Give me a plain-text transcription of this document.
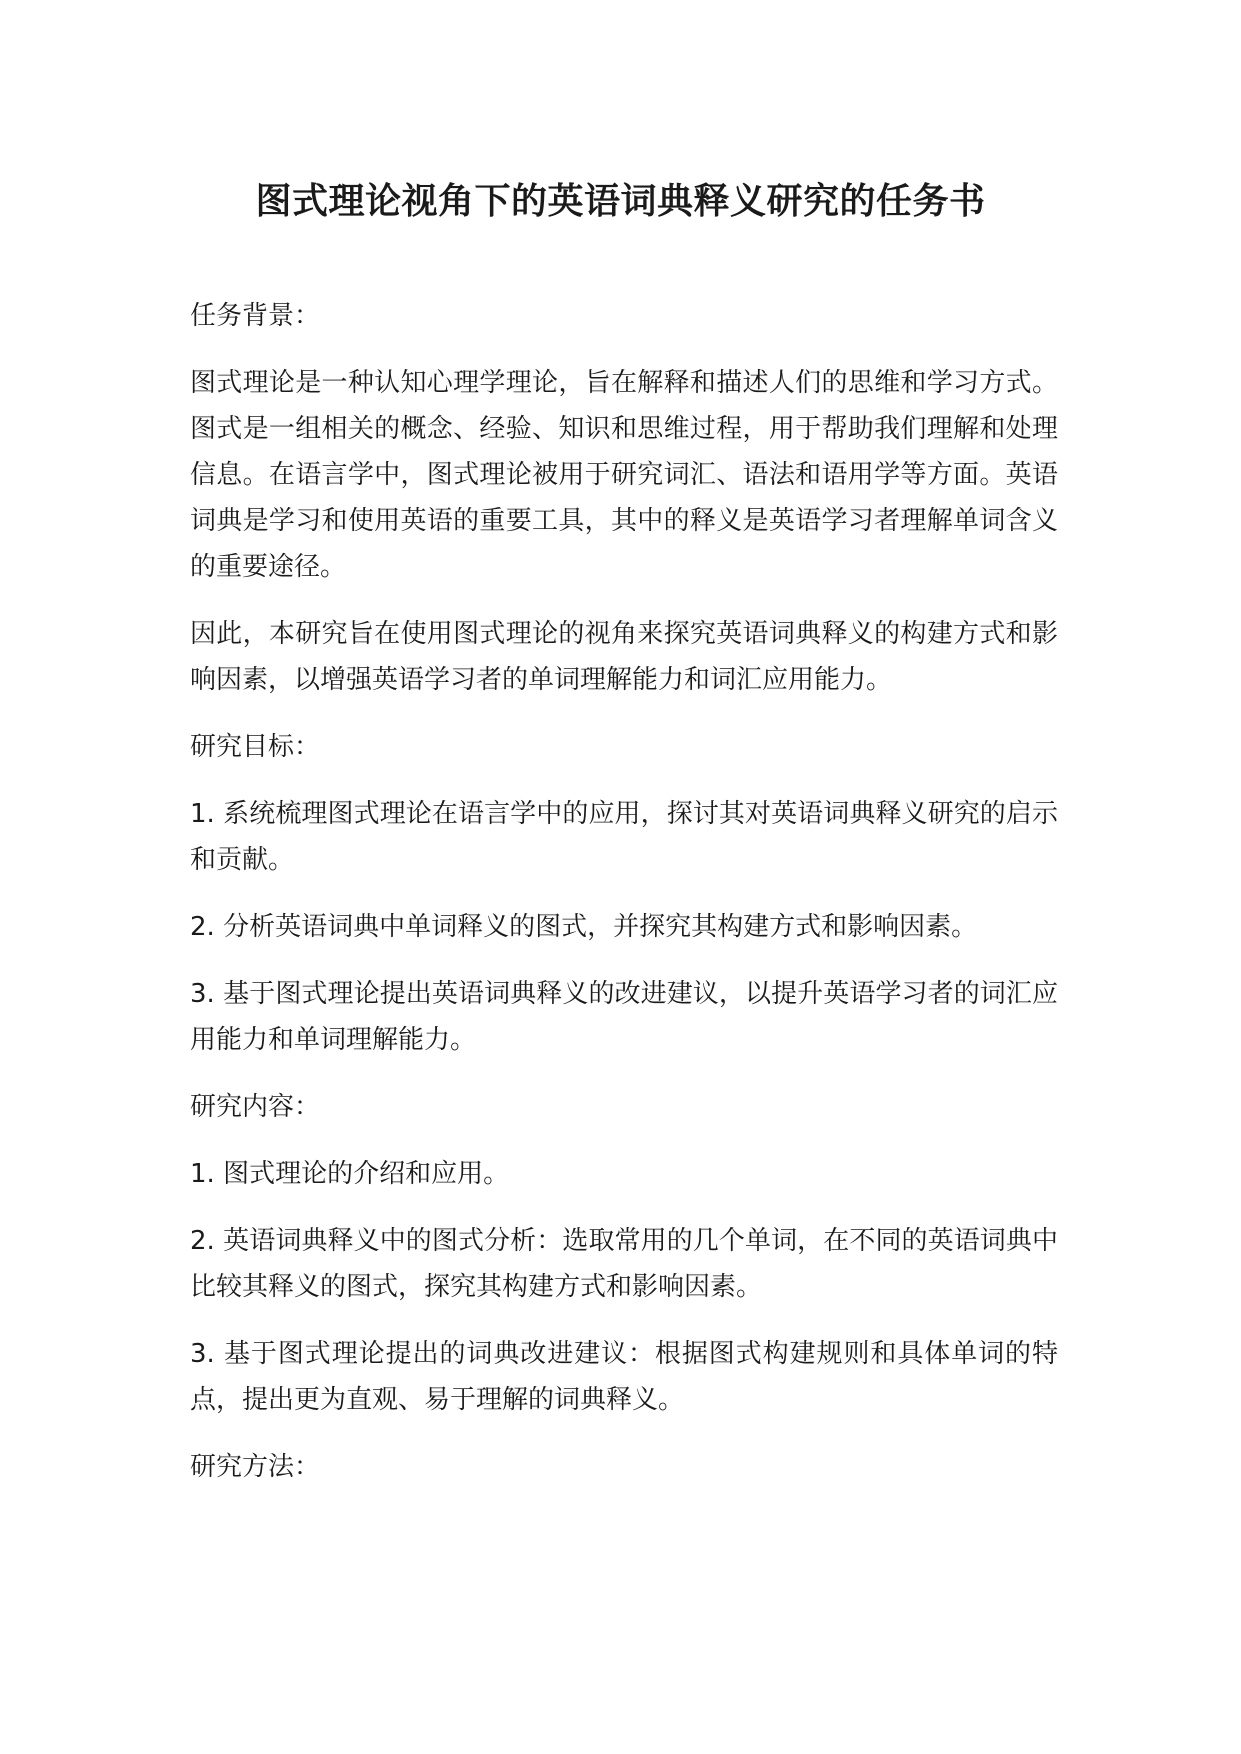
图式理论视角下的英语词典释义研究的任务书

任务背景：

图式理论是一种认知心理学理论，旨在解释和描述人们的思维和学习方式。图式是一组相关的概念、经验、知识和思维过程，用于帮助我们理解和处理信息。在语言学中，图式理论被用于研究词汇、语法和语用学等方面。英语词典是学习和使用英语的重要工具，其中的释义是英语学习者理解单词含义的重要途径。

因此，本研究旨在使用图式理论的视角来探究英语词典释义的构建方式和影响因素，以增强英语学习者的单词理解能力和词汇应用能力。

研究目标：

1. 系统梳理图式理论在语言学中的应用，探讨其对英语词典释义研究的启示和贡献。

2. 分析英语词典中单词释义的图式，并探究其构建方式和影响因素。

3. 基于图式理论提出英语词典释义的改进建议，以提升英语学习者的词汇应用能力和单词理解能力。

研究内容：

1. 图式理论的介绍和应用。

2. 英语词典释义中的图式分析：选取常用的几个单词，在不同的英语词典中比较其释义的图式，探究其构建方式和影响因素。

3. 基于图式理论提出的词典改进建议：根据图式构建规则和具体单词的特点，提出更为直观、易于理解的词典释义。

研究方法：
